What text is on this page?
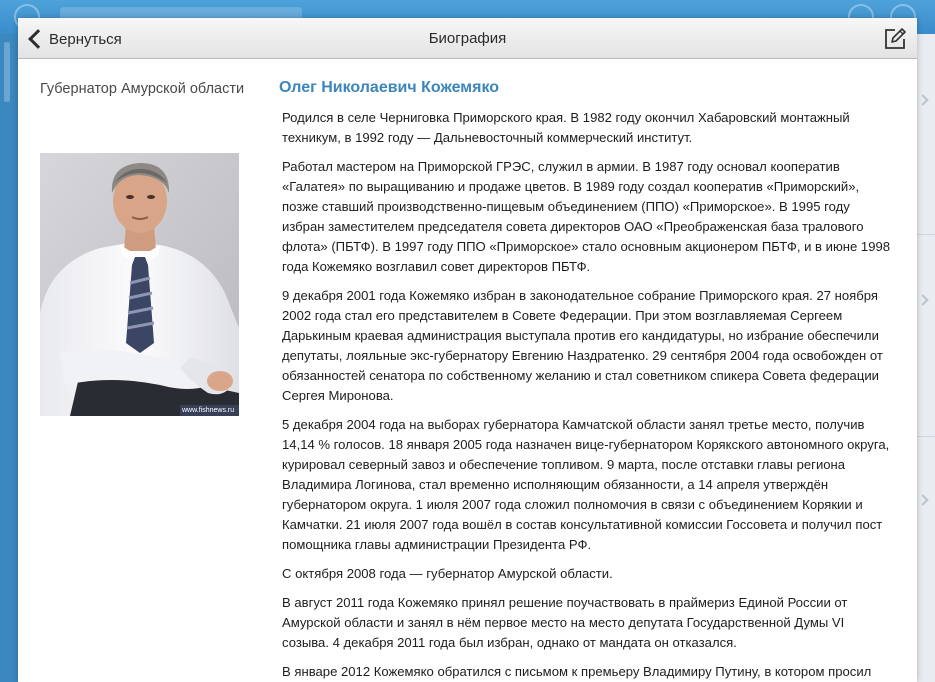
Вернуться	Биография
Губернатор Амурской области
www.fishnews.ru
Олег Николаевич Кожемяко

Родился в селе Черниговка Приморского края. В 1982 году окончил Хабаровский монтажный техникум, в 1992 году — Дальневосточный коммерческий институт.

Работал мастером на Приморской ГРЭС, служил в армии. В 1987 году основал кооператив «Галатея» по выращиванию и продаже цветов. В 1989 году создал кооператив «Приморский», позже ставший производственно-пищевым объединением (ППО) «Приморское». В 1995 году избран заместителем председателя совета директоров ОАО «Преображенская база тралового флота» (ПБТФ). В 1997 году ППО «Приморское» стало основным акционером ПБТФ, и в июне 1998 года Кожемяко возглавил совет директоров ПБТФ.

9 декабря 2001 года Кожемяко избран в законодательное собрание Приморского края. 27 ноября 2002 года стал его представителем в Совете Федерации. При этом возглавляемая Сергеем Дарькиным краевая администрация выступала против его кандидатуры, но избрание обеспечили депутаты, лояльные экс-губернатору Евгению Наздратенко. 29 сентября 2004 года освобожден от обязанностей сенатора по собственному желанию и стал советником спикера Совета федерации Сергея Миронова.

5 декабря 2004 года на выборах губернатора Камчатской области занял третье место, получив 14,14 % голосов. 18 января 2005 года назначен вице-губернатором Корякского автономного округа, курировал северный завоз и обеспечение топливом. 9 марта, после отставки главы региона Владимира Логинова, стал временно исполняющим обязанности, а 14 апреля утверждён губернатором округа. 1 июля 2007 года сложил полномочия в связи с объединением Корякии и Камчатки. 21 июля 2007 года вошёл в состав консультативной комиссии Госсовета и получил пост помощника главы администрации Президента РФ.

С октября 2008 года — губернатор Амурской области.

В август 2011 года Кожемяко принял решение поучаствовать в праймериз Единой России от Амурской области и занял в нём первое место на место депутата Государственной Думы VI созыва. 4 декабря 2011 года был избран, однако от мандата он отказался.

В январе 2012 Кожемяко обратился с письмом к премьеру Владимиру Путину, в котором просил
